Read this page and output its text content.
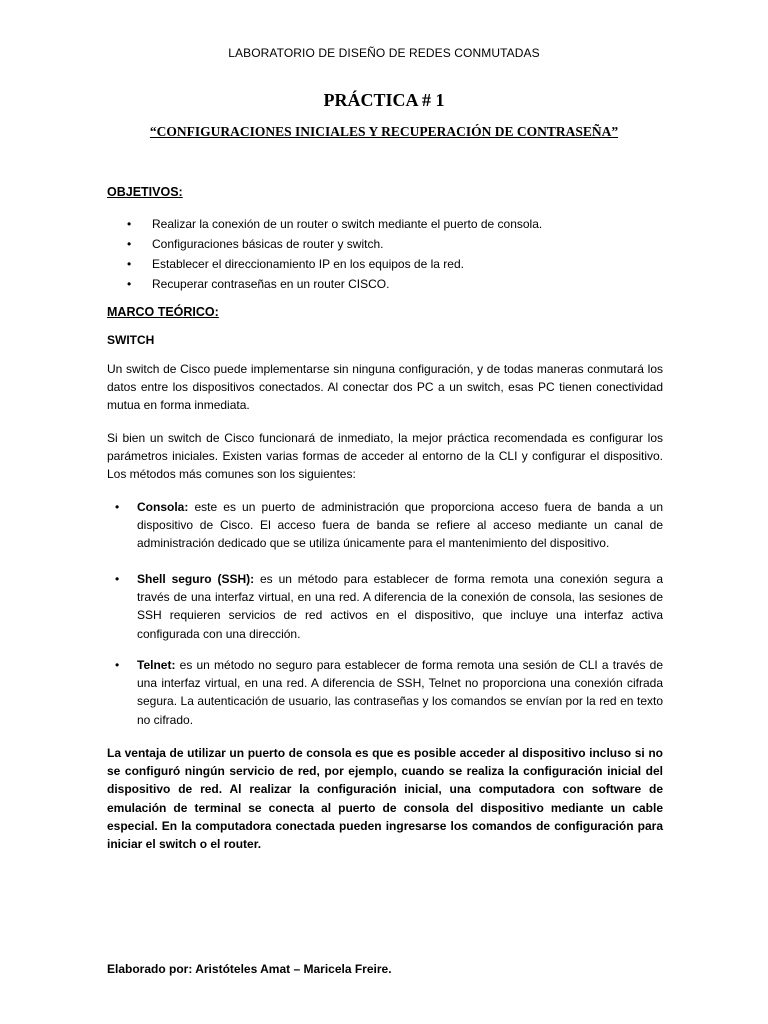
LABORATORIO DE DISEÑO DE REDES CONMUTADAS
PRÁCTICA # 1
“CONFIGURACIONES INICIALES Y RECUPERACIÓN DE CONTRASEÑA”
OBJETIVOS:
• Realizar la conexión de un router o switch mediante el puerto de consola.
• Configuraciones básicas de router y switch.
• Establecer el direccionamiento IP en los equipos de la red.
• Recuperar contraseñas en un router CISCO.
MARCO TEÓRICO:
SWITCH

Un switch de Cisco puede implementarse sin ninguna configuración, y de todas maneras conmutará los datos entre los dispositivos conectados. Al conectar dos PC a un switch, esas PC tienen conectividad mutua en forma inmediata.

Si bien un switch de Cisco funcionará de inmediato, la mejor práctica recomendada es configurar los parámetros iniciales. Existen varias formas de acceder al entorno de la CLI y configurar el dispositivo. Los métodos más comunes son los siguientes:

• Consola: este es un puerto de administración que proporciona acceso fuera de banda a un dispositivo de Cisco. El acceso fuera de banda se refiere al acceso mediante un canal de administración dedicado que se utiliza únicamente para el mantenimiento del dispositivo.
• Shell seguro (SSH): es un método para establecer de forma remota una conexión segura a través de una interfaz virtual, en una red. A diferencia de la conexión de consola, las sesiones de SSH requieren servicios de red activos en el dispositivo, que incluye una interfaz activa configurada con una dirección.
• Telnet: es un método no seguro para establecer de forma remota una sesión de CLI a través de una interfaz virtual, en una red. A diferencia de SSH, Telnet no proporciona una conexión cifrada segura. La autenticación de usuario, las contraseñas y los comandos se envían por la red en texto no cifrado.

La ventaja de utilizar un puerto de consola es que es posible acceder al dispositivo incluso si no se configuró ningún servicio de red, por ejemplo, cuando se realiza la configuración inicial del dispositivo de red. Al realizar la configuración inicial, una computadora con software de emulación de terminal se conecta al puerto de consola del dispositivo mediante un cable especial. En la computadora conectada pueden ingresarse los comandos de configuración para iniciar el switch o el router.

Elaborado por: Aristóteles Amat – Maricela Freire.
